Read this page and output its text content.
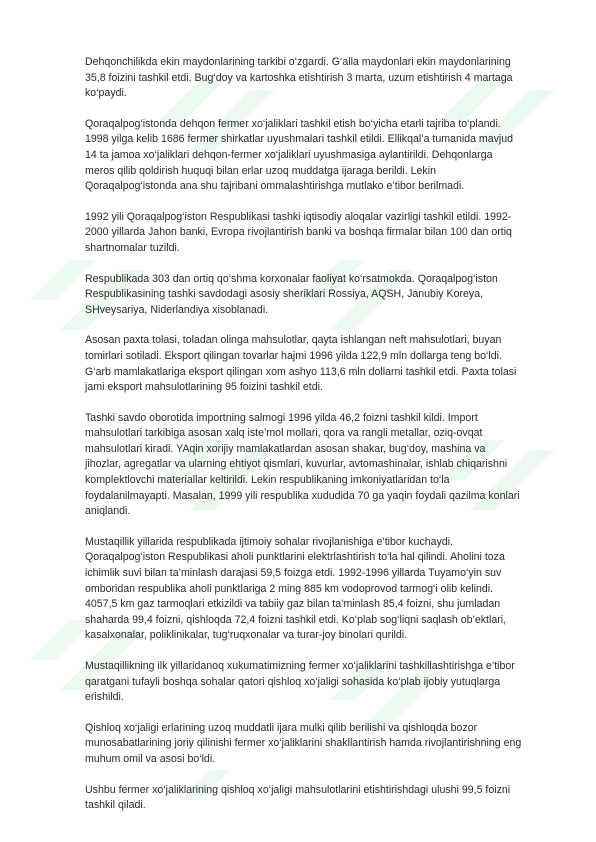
Dehqonchilikda ekin maydonlarining tarkibi o‘zgardi. G‘alla maydonlari ekin maydonlarining 35,8 foizini tashkil etdi. Bug‘doy va kartoshka etishtirish 3 marta, uzum etishtirish 4 martaga ko‘paydi.

Qoraqalpog‘istonda dehqon fermer xo‘jaliklari tashkil etish bo‘yicha etarli tajriba to‘plandi. 1998 yilga kelib 1686 fermer shirkatlar uyushmalari tashkil etildi. Ellikqal’a tumanida mavjud 14 ta jamoa xo‘jaliklari dehqon-fermer xo‘jaliklari uyushmasiga aylantirildi. Dehqonlarga meros qilib qoldirish huquqi bilan erlar uzoq muddatga ijaraga berildi. Lekin Qoraqalpog‘istonda ana shu tajribani ommalashtirishga mutlako e’tibor berilmadi.

1992 yili Qoraqalpog‘iston Respublikasi tashki iqtisodiy aloqalar vazirligi tashkil etildi. 1992-2000 yillarda Jahon banki, Evropa rivojlantirish banki va boshqa firmalar bilan 100 dan ortiq shartnomalar tuzildi.

Respublikada 303 dan ortiq qo‘shma korxonalar faoliyat ko‘rsatmokda. Qoraqalpog‘iston Respublikasining tashki savdodagi asosiy sheriklari Rossiya, AQSH, Janubiy Koreya, SHveysariya, Niderlandiya xisoblanadi.

Asosan paxta tolasi, toladan olinga mahsulotlar, qayta ishlangan neft mahsulotlari, buyan tomirlari sotiladi. Eksport qilingan tovarlar hajmi 1996 yilda 122,9 mln dollarga teng bo‘ldi. G‘arb mamlakatlariga eksport qilingan xom ashyo 113,6 mln dollarni tashkil etdi. Paxta tolasi jami eksport mahsulotlarining 95 foizini tashkil etdi.

Tashki savdo oborotida importning salmogi 1996 yilda 46,2 foizni tashkil kildi. Import mahsulotlari tarkibiga asosan xalq iste’mol mollari, qora va rangli metallar, oziq-ovqat mahsulotlari kiradi. YAqin xorijiy mamlakatlardan asosan shakar, bug‘doy, mashina va jihozlar, agregatlar va ularning ehtiyot qismlari, kuvurlar, avtomashinalar, ishlab chiqarishni komplektlovchi materiallar keltirildi. Lekin respublikaning imkoniyatlaridan to‘la foydalanilmayapti. Masalan, 1999 yili respublika xududida 70 ga yaqin foydali qazilma konlari aniqlandi.

Mustaqillik yillarida respublikada ijtimoiy sohalar rivojlanishiga e’tibor kuchaydi. Qoraqalpog‘iston Respublikasi aholi punktlarini elektrlashtirish to‘la hal qilindi. Aholini toza ichimlik suvi bilan ta’minlash darajasi 59,5 foizga etdi. 1992-1996 yillarda Tuyamo‘yin suv omboridan respublika aholi punktlariga 2 ming 885 km vodoprovod tarmog‘i olib kelindi. 4057,5 km gaz tarmoqlari etkizildi va tabiiy gaz bilan ta’minlash 85,4 foizni, shu jumladan shaharda 99,4 foizni, qishloqda 72,4 foizni tashkil etdi. Ko‘plab sog‘liqni saqlash ob’ektlari, kasalxonalar, poliklinikalar, tug‘ruqxonalar va turar-joy binolari qurildi.

Mustaqillikning ilk yillaridanoq xukumatimizning fermer xo‘jaliklarini tashkillashtirishga e’tibor qaratgani tufayli boshqa sohalar qatori qishloq xo‘jaligi sohasida ko‘plab ijobiy yutuqlarga erishildi.

Qishloq xo‘jaligi erlarining uzoq muddatli ijara mulki qilib berilishi va qishloqda bozor munosabatlarining joriy qilinishi fermer xo‘jaliklarini shakllantirish hamda rivojlantirishning eng muhum omil va asosi bo‘ldi.

Ushbu fermer xo‘jaliklarining qishloq xo‘jaligi mahsulotlarini etishtirishdagi ulushi 99,5 foizni tashkil qiladi.
